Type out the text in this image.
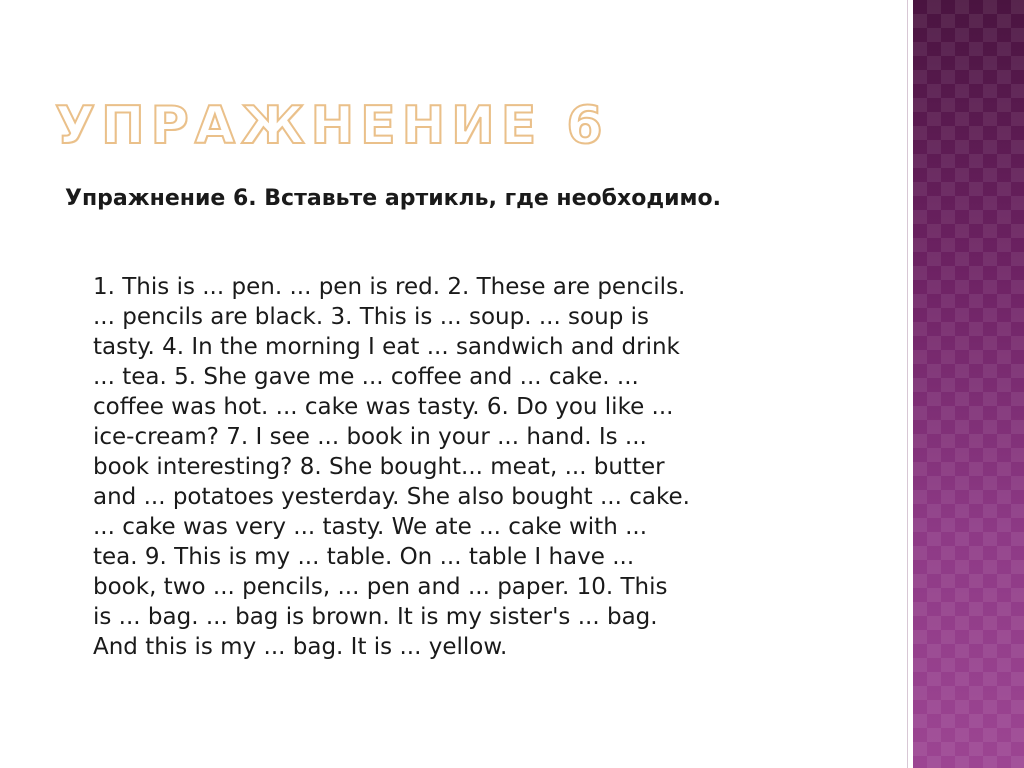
УПРАЖНЕНИЕ 6
Упражнение 6. Вставьте артикль, где необходимо.
1. This is ... pen. ... pen is red. 2. These are pencils.
... pencils are black. 3. This is ... soup. ... soup is
tasty. 4. In the morning I eat ... sandwich and drink
... tea. 5. She gave me ... coffee and ... cake. ...
coffee was hot. ... cake was tasty. 6. Do you like ...
ice-cream? 7. I see ... book in your ... hand. Is ...
book interesting? 8. She bought... meat, ... butter
and ... potatoes yesterday. She also bought ... cake.
... cake was very ... tasty. We ate ... cake with ...
tea. 9. This is my ... table. On ... table I have ...
book, two ... pencils, ... pen and ... paper. 10. This
is ... bag. ... bag is brown. It is my sister's ... bag.
And this is my ... bag. It is ... yellow.
